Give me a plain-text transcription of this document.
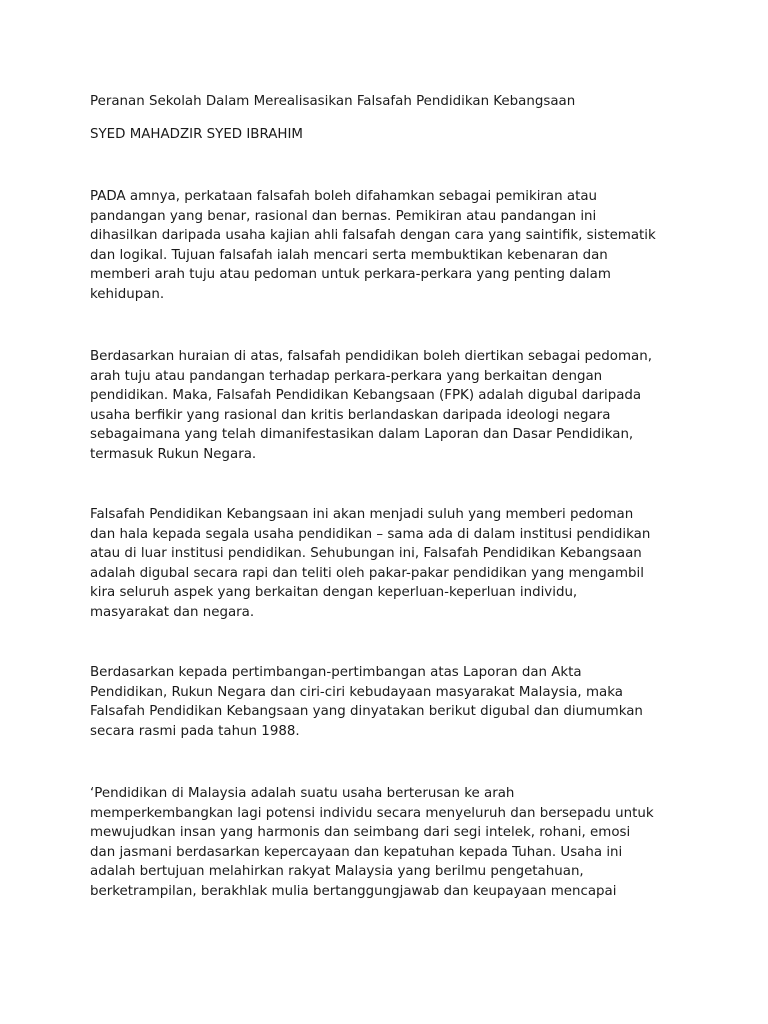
Peranan Sekolah Dalam Merealisasikan Falsafah Pendidikan Kebangsaan
SYED MAHADZIR SYED IBRAHIM
PADA amnya, perkataan falsafah boleh difahamkan sebagai pemikiran atau
pandangan yang benar, rasional dan bernas. Pemikiran atau pandangan ini
dihasilkan daripada usaha kajian ahli falsafah dengan cara yang saintifik, sistematik
dan logikal. Tujuan falsafah ialah mencari serta membuktikan kebenaran dan
memberi arah tuju atau pedoman untuk perkara-perkara yang penting dalam
kehidupan.
Berdasarkan huraian di atas, falsafah pendidikan boleh diertikan sebagai pedoman,
arah tuju atau pandangan terhadap perkara-perkara yang berkaitan dengan
pendidikan. Maka, Falsafah Pendidikan Kebangsaan (FPK) adalah digubal daripada
usaha berfikir yang rasional dan kritis berlandaskan daripada ideologi negara
sebagaimana yang telah dimanifestasikan dalam Laporan dan Dasar Pendidikan,
termasuk Rukun Negara.
Falsafah Pendidikan Kebangsaan ini akan menjadi suluh yang memberi pedoman
dan hala kepada segala usaha pendidikan – sama ada di dalam institusi pendidikan
atau di luar institusi pendidikan. Sehubungan ini, Falsafah Pendidikan Kebangsaan
adalah digubal secara rapi dan teliti oleh pakar-pakar pendidikan yang mengambil
kira seluruh aspek yang berkaitan dengan keperluan-keperluan individu,
masyarakat dan negara.
Berdasarkan kepada pertimbangan-pertimbangan atas Laporan dan Akta
Pendidikan, Rukun Negara dan ciri-ciri kebudayaan masyarakat Malaysia, maka
Falsafah Pendidikan Kebangsaan yang dinyatakan berikut digubal dan diumumkan
secara rasmi pada tahun 1988.
‘Pendidikan di Malaysia adalah suatu usaha berterusan ke arah
memperkembangkan lagi potensi individu secara menyeluruh dan bersepadu untuk
mewujudkan insan yang harmonis dan seimbang dari segi intelek, rohani, emosi
dan jasmani berdasarkan kepercayaan dan kepatuhan kepada Tuhan. Usaha ini
adalah bertujuan melahirkan rakyat Malaysia yang berilmu pengetahuan,
berketrampilan, berakhlak mulia bertanggungjawab dan keupayaan mencapai
